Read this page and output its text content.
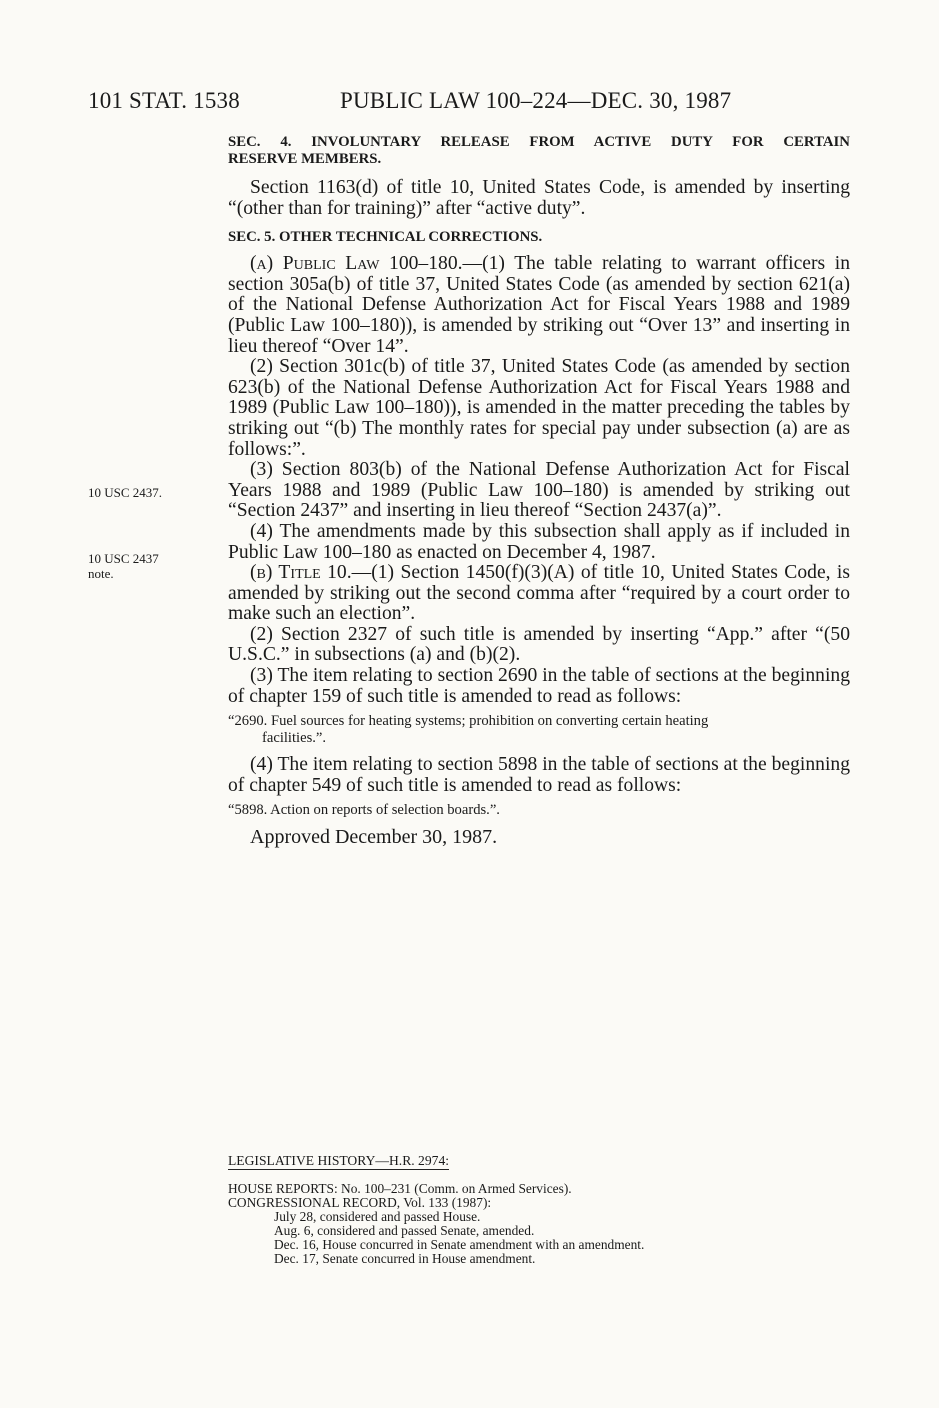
101 STAT. 1538	PUBLIC LAW 100–224—DEC. 30, 1987
SEC. 4. INVOLUNTARY RELEASE FROM ACTIVE DUTY FOR CERTAIN
RESERVE MEMBERS.

Section 1163(d) of title 10, United States Code, is amended by inserting “(other than for training)” after “active duty”.

SEC. 5. OTHER TECHNICAL CORRECTIONS.

(a) Public Law 100–180.—(1) The table relating to warrant officers in section 305a(b) of title 37, United States Code (as amended by section 621(a) of the National Defense Authorization Act for Fiscal Years 1988 and 1989 (Public Law 100–180)), is amended by striking out “Over 13” and inserting in lieu thereof “Over 14”.

(2) Section 301c(b) of title 37, United States Code (as amended by section 623(b) of the National Defense Authorization Act for Fiscal Years 1988 and 1989 (Public Law 100–180)), is amended in the matter preceding the tables by striking out “(b) The monthly rates for special pay under subsection (a) are as follows:”.

(3) Section 803(b) of the National Defense Authorization Act for Fiscal Years 1988 and 1989 (Public Law 100–180) is amended by striking out “Section 2437” and inserting in lieu thereof “Section 2437(a)”.

(4) The amendments made by this subsection shall apply as if included in Public Law 100–180 as enacted on December 4, 1987.

(b) Title 10.—(1) Section 1450(f)(3)(A) of title 10, United States Code, is amended by striking out the second comma after “required by a court order to make such an election”.

(2) Section 2327 of such title is amended by inserting “App.” after “(50 U.S.C.” in subsections (a) and (b)(2).

(3) The item relating to section 2690 in the table of sections at the beginning of chapter 159 of such title is amended to read as follows:

“2690. Fuel sources for heating systems; prohibition on converting certain heating
facilities.”.

(4) The item relating to section 5898 in the table of sections at the beginning of chapter 549 of such title is amended to read as follows:

“5898. Action on reports of selection boards.”.
Approved December 30, 1987.
10 USC 2437.
10 USC 2437
note.
LEGISLATIVE HISTORY—H.R. 2974:
HOUSE REPORTS: No. 100–231 (Comm. on Armed Services).
CONGRESSIONAL RECORD, Vol. 133 (1987):
July 28, considered and passed House.
Aug. 6, considered and passed Senate, amended.
Dec. 16, House concurred in Senate amendment with an amendment.
Dec. 17, Senate concurred in House amendment.
